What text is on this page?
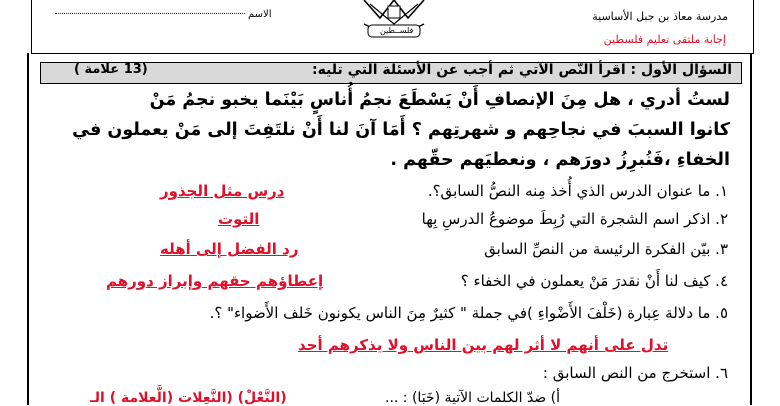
مدرسة معاذ بن جبل الأساسية
إجابة ملتقى تعليم فلسطين
الاسم
فلســطين
السؤال الأول : اقرأ النّص الآتي ثم أجب عن الأسئلة التي تليه:
(13 علامة )
لستُ أدري ، هل مِنَ الإنصافِ أَنْ يَسْطَعَ نجمُ أُناسٍ بَيْنَما يخبو نجمُ مَنْ
كانوا السببَ في نجاحِهم و شهرتِهم ؟ أَمَا آنَ لنا أَنْ نلتَفِتَ إلى مَنْ يعملون في
الخفاءِ ،فَنُبرِزُ دورَهم ، ونعطيَهم حقّهم .
١. ما عنوان الدرس الذي أُخذ مِنه النصُّ السابق؟.
درس مثل الجذور
٢. اذكر اسم الشجرة التي رُبِطَ موضوعُ الدرسِ بِها
التوت
٣. بيّن الفكرة الرئيسة من النصِّ السابق
رد الفضل إلى أهله
٤. كيف لنا أَنْ نقدرَ مَنْ يعملون في الخفاء ؟
إعطاؤهم حقهم وإبراز دورهم
٥. ما دلالة عِبارة (خَلْفَ الأَضْواءِ )في جملة " كثيرٌ مِنَ الناس يكونون خَلف الأَضواء" ؟.
تدل على أنهم لا أثر لهم بين الناس ولا يذكرهم أحد
٦. استخرج من النص السابق :
أ) ضدّ الكلمات الآتية (خَبَا) : ...
(النَّعْلْ) (النَّعِلات (الَّعلامة ) الـ
